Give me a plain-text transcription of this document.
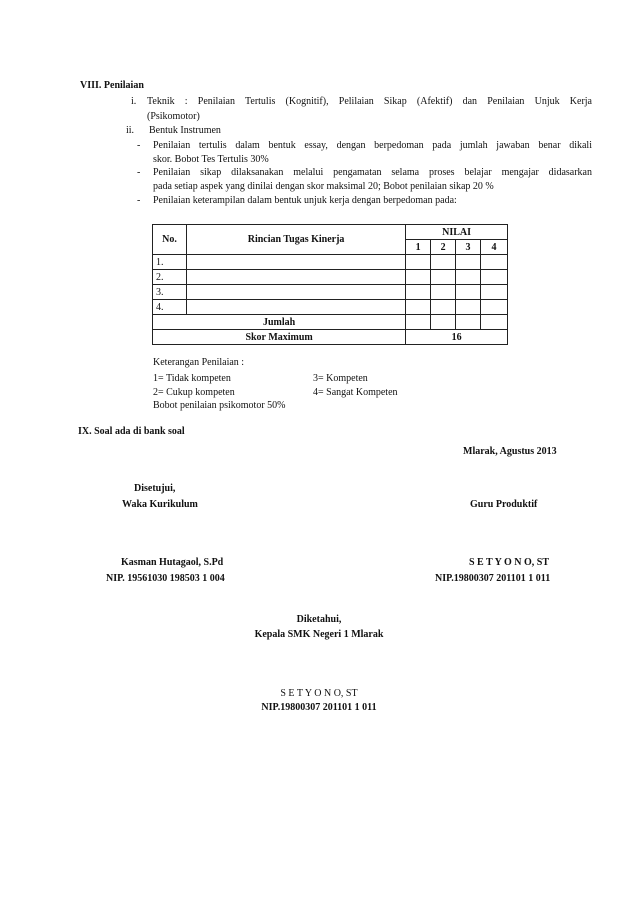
VIII. Penilaian
i. Teknik : Penilaian Tertulis (Kognitif), Pelilaian Sikap (Afektif) dan Penilaian Unjuk Kerja
(Psikomotor)
ii. Bentuk Instrumen
- Penilaian tertulis dalam bentuk essay, dengan berpedoman pada jumlah jawaban benar dikali
skor. Bobot Tes Tertulis 30%
- Penilaian sikap dilaksanakan melalui pengamatan selama proses belajar mengajar didasarkan
pada setiap aspek yang dinilai dengan skor maksimal 20; Bobot penilaian sikap 20 %
- Penilaian keterampilan dalam bentuk unjuk kerja dengan berpedoman pada:
No.	Rincian Tugas Kinerja	NILAI			
		1	2	3	4
1.					
2.					
3.					
4.					
Jumlah					
Skor Maximum		16			
Keterangan Penilaian :
1= Tidak kompeten	3= Kompeten
2= Cukup kompeten	4= Sangat Kompeten
Bobot penilaian psikomotor 50%
IX. Soal ada di bank soal
Mlarak, Agustus 2013
Disetujui,
Waka Kurikulum	Guru Produktif
Kasman Hutagaol, S.Pd
NIP. 19561030 198503 1 004
S E T Y O N O, ST
NIP.19800307 201101 1 011
Diketahui,
Kepala SMK Negeri 1 Mlarak
S E T Y O N O, ST
NIP.19800307 201101 1 011
